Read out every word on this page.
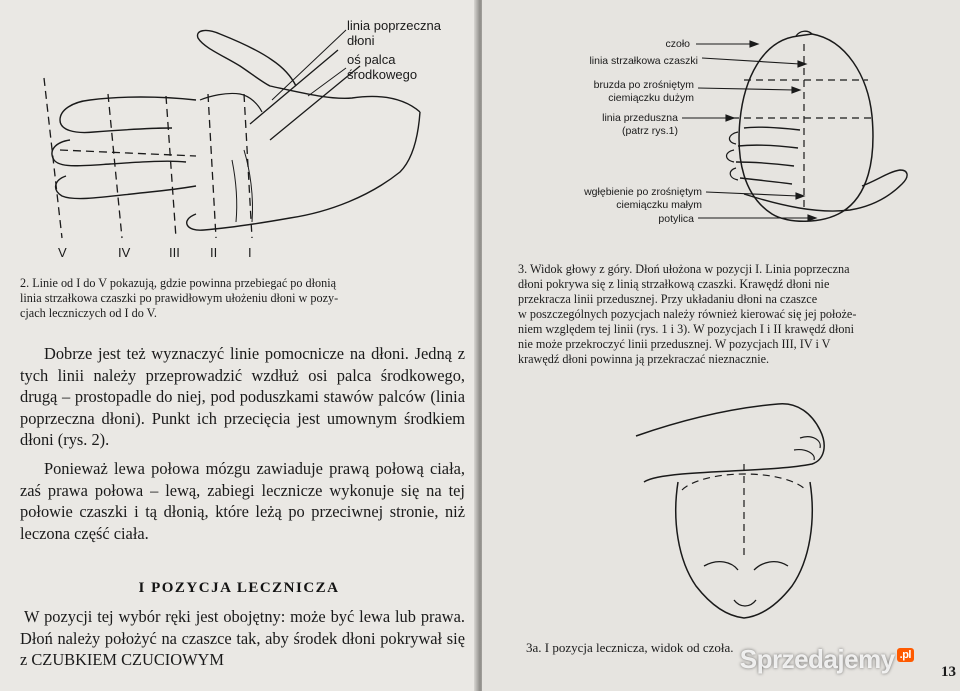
linia poprzeczna
dłoni
oś palca
środkowego
V	IV	III II I
2. Linie od I do V pokazują, gdzie powinna przebiegać po dłonią
linia strzałkowa czaszki po prawidłowym ułożeniu dłoni w pozy-
cjach leczniczych od I do V.

Dobrze jest też wyznaczyć linie pomocnicze na dłoni. Jedną z tych linii należy przeprowadzić wzdłuż osi palca środkowego, drugą – prostopadle do niej, pod poduszkami stawów palców (linia poprzeczna dłoni). Punkt ich przecięcia jest umownym środkiem dłoni (rys. 2).

Ponieważ lewa połowa mózgu zawiaduje prawą połową ciała, zaś prawa połowa – lewą, zabiegi lecznicze wykonuje się na tej połowie czaszki i tą dłonią, które leżą po przeciwnej stronie, niż leczona część ciała.

I POZYCJA LECZNICZA

W pozycji tej wybór ręki jest obojętny: może być lewa lub prawa. Dłoń należy położyć na czaszce tak, aby środek dłoni pokrywał się z CZUBKIEM CZUCIOWYM

czoło
linia strzałkowa czaszki
bruzda po zrośniętym
ciemiączku dużym
linia przeduszna
(patrz rys.1)
wgłębienie po zrośniętym
ciemiączku małym
potylica
3. Widok głowy z góry. Dłoń ułożona w pozycji I. Linia poprzeczna
dłoni pokrywa się z linią strzałkową czaszki. Krawędź dłoni nie
przekracza linii przedusznej. Przy układaniu dłoni na czaszce
w poszczególnych pozycjach należy również kierować się jej położe-
niem względem tej linii (rys. 1 i 3). W pozycjach I i II krawędź dłoni
nie może przekroczyć linii przedusznej. W pozycjach III, IV i V
krawędź dłoni powinna ją przekraczać nieznacznie.
3a. I pozycja lecznicza, widok od czoła.
13
Sprzedajemy .pl
